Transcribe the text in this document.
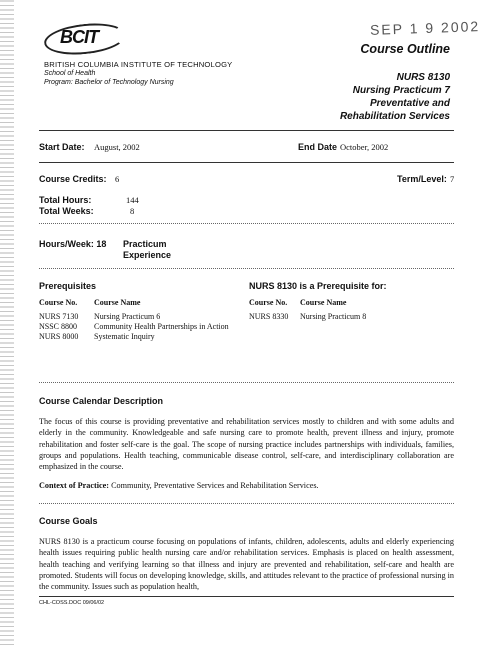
BCIT	SEP 1 9 2002
BRITISH COLUMBIA INSTITUTE OF TECHNOLOGY
School of Health
Program: Bachelor of Technology Nursing
Course Outline
NURS 8130
Nursing Practicum 7
Preventative and
Rehabilitation Services
Start Date: August, 2002	End Date October, 2002
Course Credits: 6	Term/Level: 7
Total Hours:	144
Total Weeks:	8
Hours/Week: 18 Practicum
Experience
Prerequisites
Course No. Course Name
NURS 7130 Nursing Practicum 6
NSSC 8800 Community Health Partnerships in Action
NURS 8000 Systematic Inquiry
NURS 8130 is a Prerequisite for:
Course No. Course Name
NURS 8330 Nursing Practicum 8
Course Calendar Description
The focus of this course is providing preventative and rehabilitation services mostly to children and with some adults and elderly in the community. Knowledgeable and safe nursing care to promote health, prevent illness and injury, promote rehabilitation and foster self-care is the goal. The scope of nursing practice includes partnerships with individuals, families, groups and populations. Health teaching, communicable disease control, self-care, and interdisciplinary collaboration are emphasized in the course.
Context of Practice: Community, Preventative Services and Rehabilitation Services.
Course Goals
NURS 8130 is a practicum course focusing on populations of infants, children, adolescents, adults and elderly experiencing health issues requiring public health nursing care and/or rehabilitation services. Emphasis is placed on health assessment, health teaching and verifying learning so that illness and injury are prevented and rehabilitation, self-care and health are promoted. Students will focus on developing knowledge, skills, and attitudes relevant to the practice of professional nursing in the community. Issues such as population health,
CHL-COSS.DOC 09/06/02
